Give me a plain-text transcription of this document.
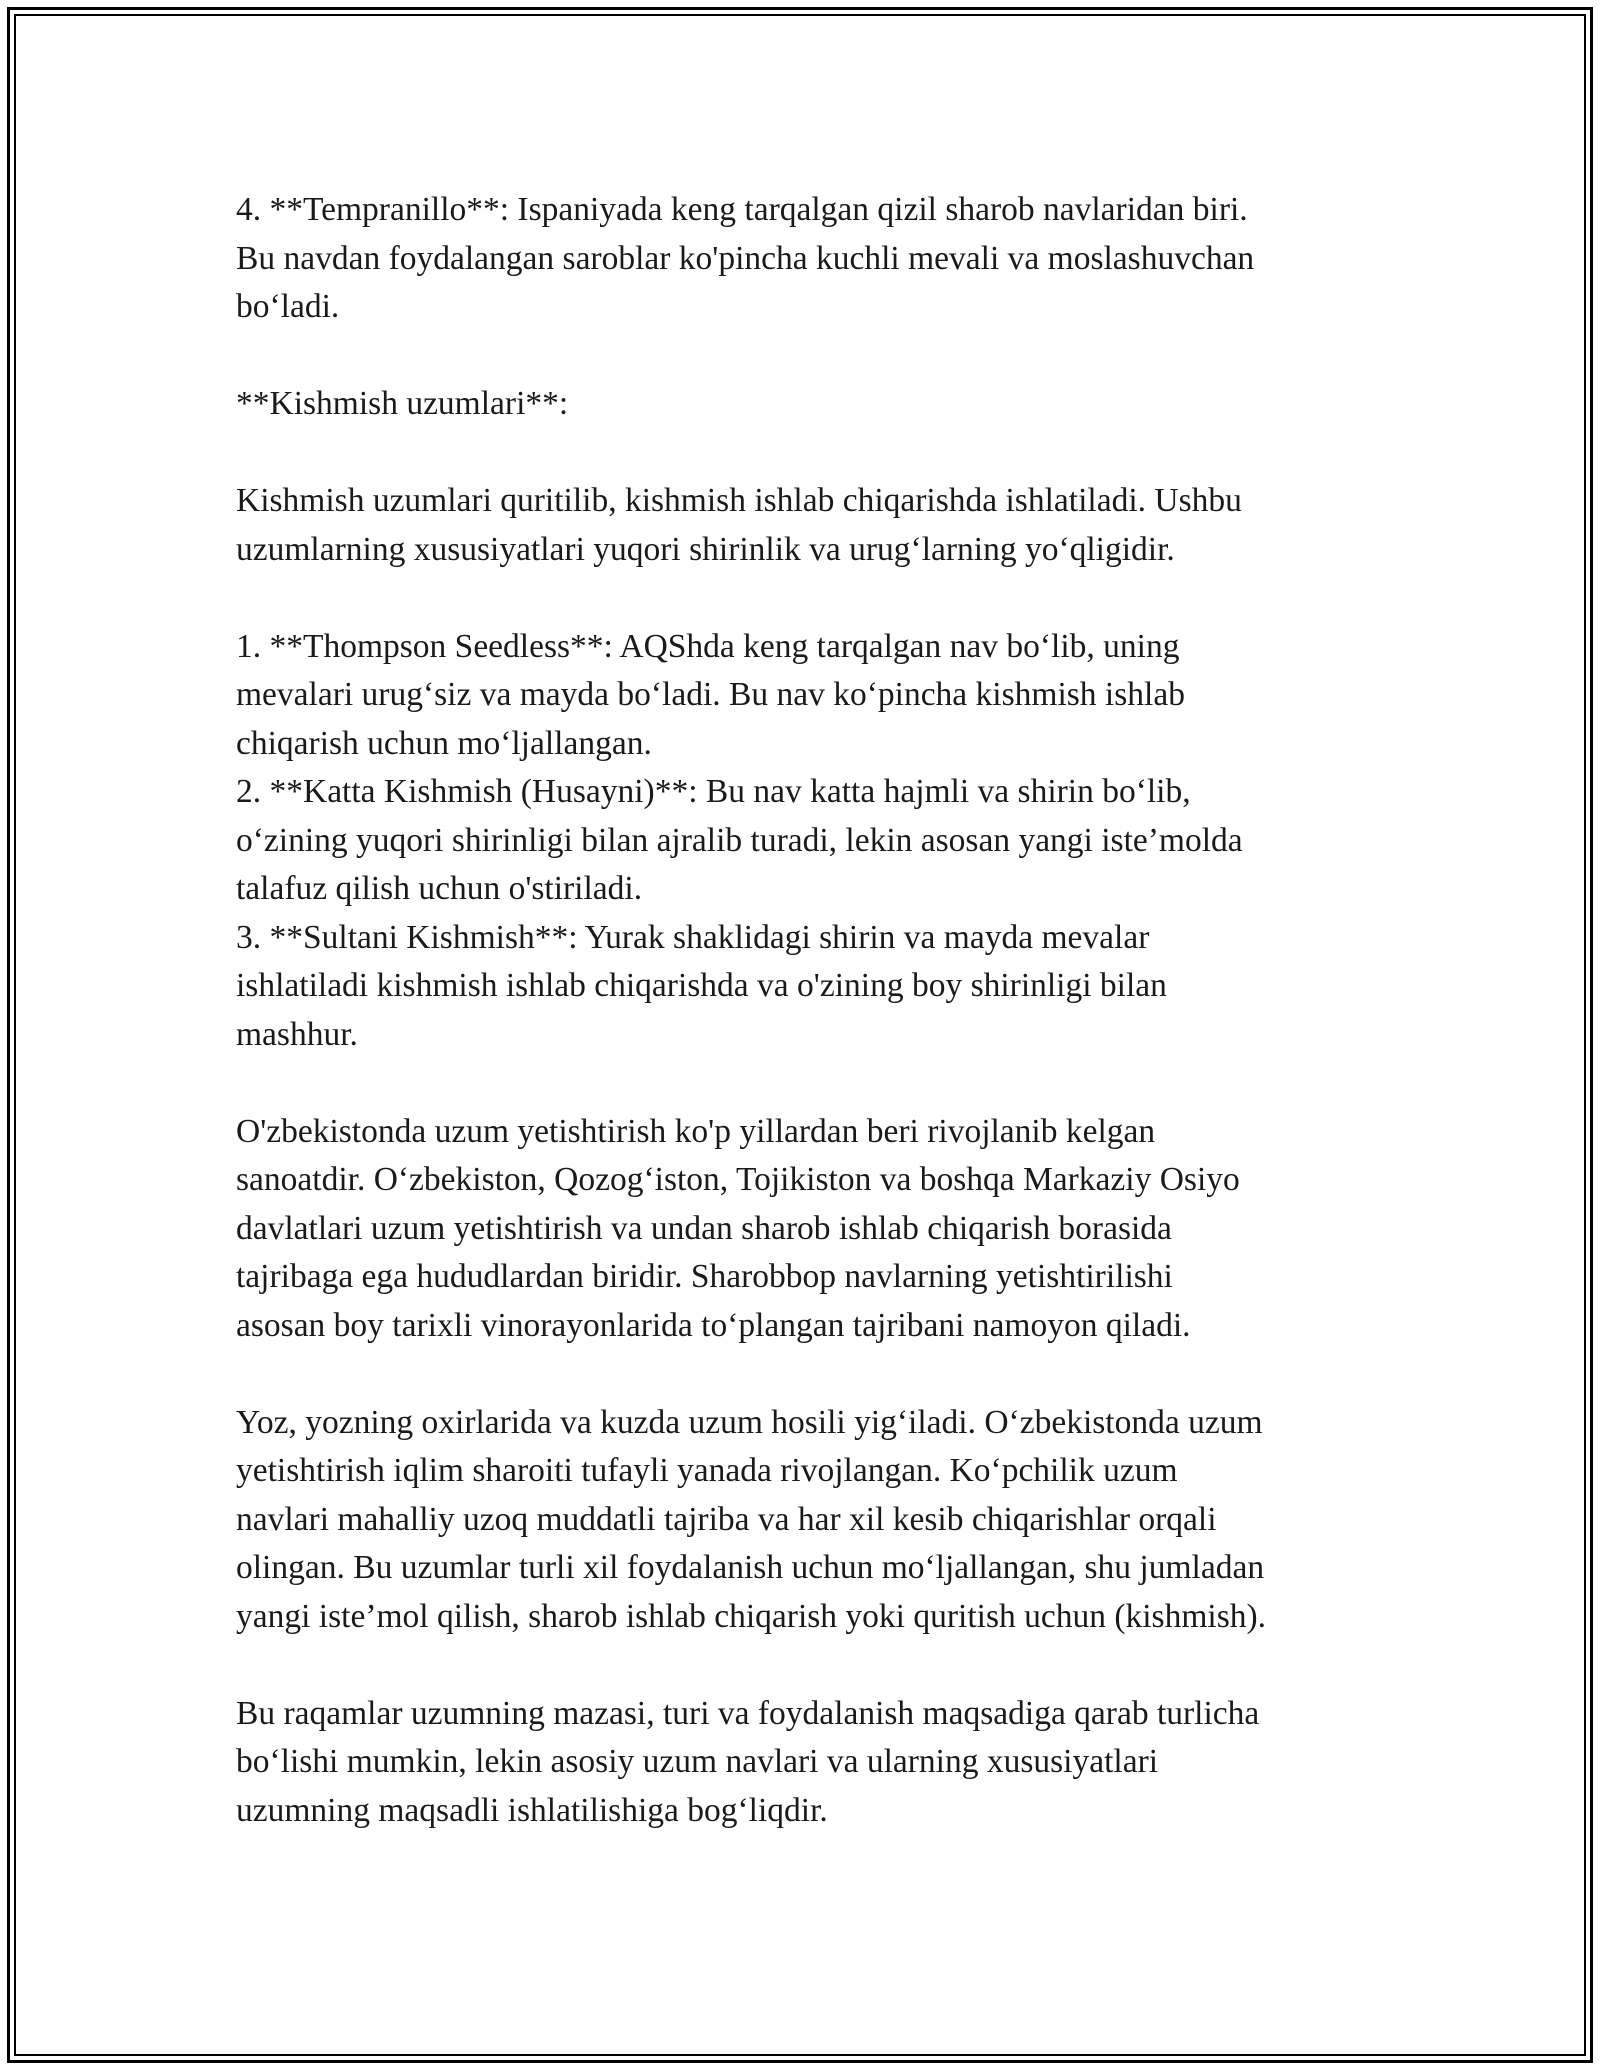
4. **Tempranillo**: Ispaniyada keng tarqalgan qizil sharob navlaridan biri.
Bu navdan foydalangan saroblar ko'pincha kuchli mevali va moslashuvchan
bo‘ladi.
**Kishmish uzumlari**:
Kishmish uzumlari quritilib, kishmish ishlab chiqarishda ishlatiladi. Ushbu
uzumlarning xususiyatlari yuqori shirinlik va urug‘larning yo‘qligidir.
1. **Thompson Seedless**: AQShda keng tarqalgan nav bo‘lib, uning
mevalari urug‘siz va mayda bo‘ladi. Bu nav ko‘pincha kishmish ishlab
chiqarish uchun mo‘ljallangan.
2. **Katta Kishmish (Husayni)**: Bu nav katta hajmli va shirin bo‘lib,
o‘zining yuqori shirinligi bilan ajralib turadi, lekin asosan yangi iste’molda
talafuz qilish uchun o'stiriladi.
3. **Sultani Kishmish**: Yurak shaklidagi shirin va mayda mevalar
ishlatiladi kishmish ishlab chiqarishda va o'zining boy shirinligi bilan
mashhur.
O'zbekistonda uzum yetishtirish ko'p yillardan beri rivojlanib kelgan
sanoatdir. O‘zbekiston, Qozog‘iston, Tojikiston va boshqa Markaziy Osiyo
davlatlari uzum yetishtirish va undan sharob ishlab chiqarish borasida
tajribaga ega hududlardan biridir. Sharobbop navlarning yetishtirilishi
asosan boy tarixli vinorayonlarida to‘plangan tajribani namoyon qiladi.
Yoz, yozning oxirlarida va kuzda uzum hosili yig‘iladi. O‘zbekistonda uzum
yetishtirish iqlim sharoiti tufayli yanada rivojlangan. Ko‘pchilik uzum
navlari mahalliy uzoq muddatli tajriba va har xil kesib chiqarishlar orqali
olingan. Bu uzumlar turli xil foydalanish uchun mo‘ljallangan, shu jumladan
yangi iste’mol qilish, sharob ishlab chiqarish yoki quritish uchun (kishmish).
Bu raqamlar uzumning mazasi, turi va foydalanish maqsadiga qarab turlicha
bo‘lishi mumkin, lekin asosiy uzum navlari va ularning xususiyatlari
uzumning maqsadli ishlatilishiga bog‘liqdir.
